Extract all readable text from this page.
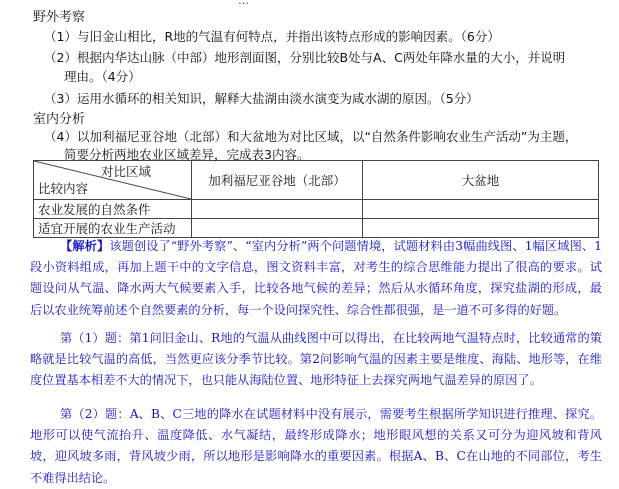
…
野外考察
（1）与旧金山相比，R地的气温有何特点，并指出该特点形成的影响因素。（6分）
（2）根据内华达山脉（中部）地形剖面图，分别比较B处与A、C两处年降水量的大小，并说明
理由。（4分）
（3）运用水循环的相关知识，解释大盐湖由淡水演变为咸水湖的原因。（5分）
室内分析
（4）以加利福尼亚谷地（北部）和大盆地为对比区域，以“自然条件影响农业生产活动”为主题，
简要分析两地农业区域差异，完成表3内容。
对比区域
比较内容	加利福尼亚谷地（北部）	大盆地
农业发展的自然条件		
适宜开展的农业生产活动		
【解析】该题创设了“野外考察”、“室内分析”两个问题情境，试题材料由3幅曲线图、1幅区域图、1段小资料组成，再加上题干中的文字信息，图文资料丰富，对考生的综合思维能力提出了很高的要求。试题设问从气温、降水两大气候要素入手，比较各地气候的差异；然后从水循环角度，探究盐湖的形成，最后以农业统筹前述个自然要素的分析，每一个设问探究性、综合性都很强，是一道不可多得的好题。
第（1）题：第1问旧金山、R地的气温从曲线图中可以得出，在比较两地气温特点时，比较通常的策略就是比较气温的高低，当然更应该分季节比较。第2问影响气温的因素主要是维度、海陆、地形等，在维度位置基本相差不大的情况下，也只能从海陆位置、地形特征上去探究两地气温差异的原因了。
第（2）题：A、B、C三地的降水在试题材料中没有展示，需要考生根据所学知识进行推理、探究。地形可以使气流抬升、温度降低、水气凝结，最终形成降水；地形眼风想的关系又可分为迎风坡和背风坡，迎风坡多雨，背风坡少雨，所以地形是影响降水的重要因素。根据A、B、C在山地的不同部位，考生不难得出结论。
